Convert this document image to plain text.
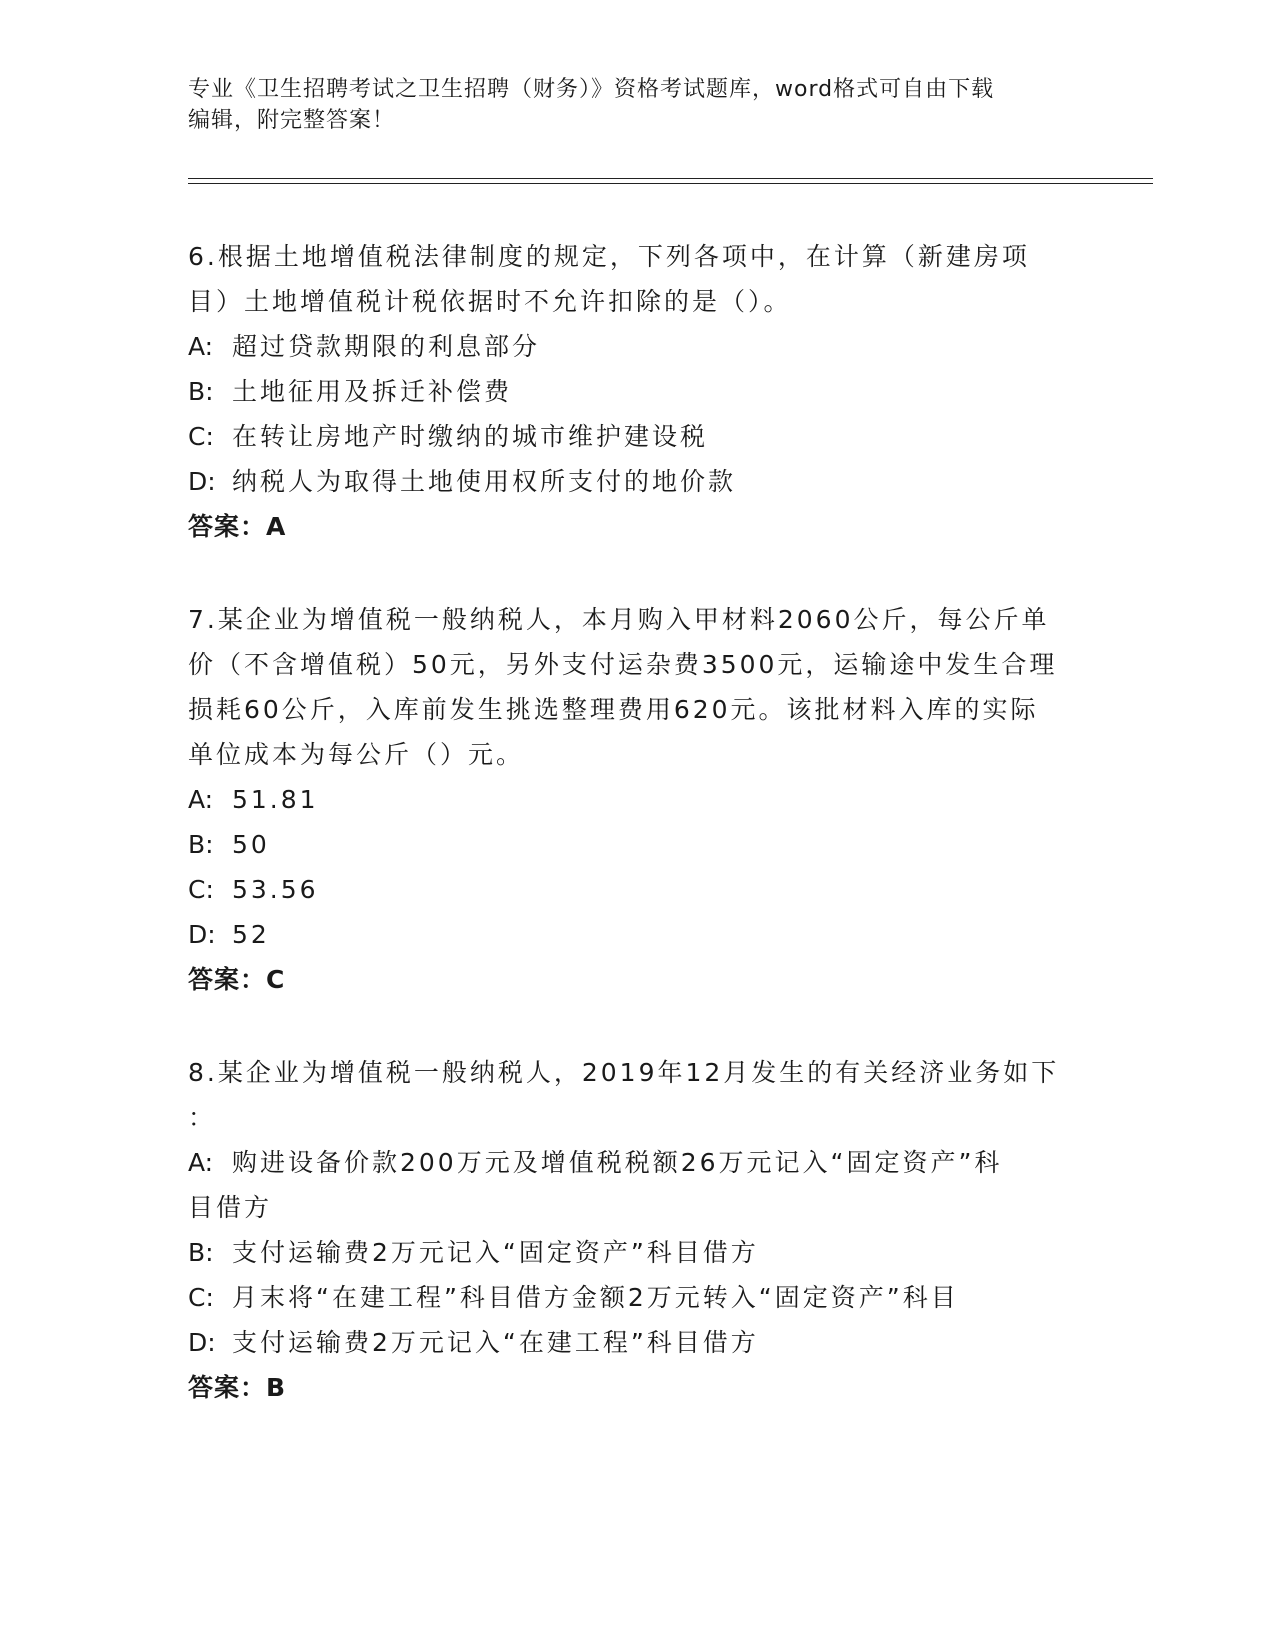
专业《卫生招聘考试之卫生招聘（财务）》资格考试题库，word格式可自由下载
编辑，附完整答案！

6.根据土地增值税法律制度的规定，下列各项中，在计算（新建房项

目）土地增值税计税依据时不允许扣除的是（）。

A: 超过贷款期限的利息部分

B: 土地征用及拆迁补偿费

C: 在转让房地产时缴纳的城市维护建设税

D: 纳税人为取得土地使用权所支付的地价款

答案：A

7.某企业为增值税一般纳税人，本月购入甲材料2060公斤，每公斤单

价（不含增值税）50元，另外支付运杂费3500元，运输途中发生合理

损耗60公斤，入库前发生挑选整理费用620元。该批材料入库的实际

单位成本为每公斤（）元。

A: 51.81

B: 50

C: 53.56

D: 52

答案：C

8.某企业为增值税一般纳税人，2019年12月发生的有关经济业务如下

：

A: 购进设备价款200万元及增值税税额26万元记入“固定资产”科

目借方

B: 支付运输费2万元记入“固定资产”科目借方

C: 月末将“在建工程”科目借方金额2万元转入“固定资产”科目

D: 支付运输费2万元记入“在建工程”科目借方

答案：B
